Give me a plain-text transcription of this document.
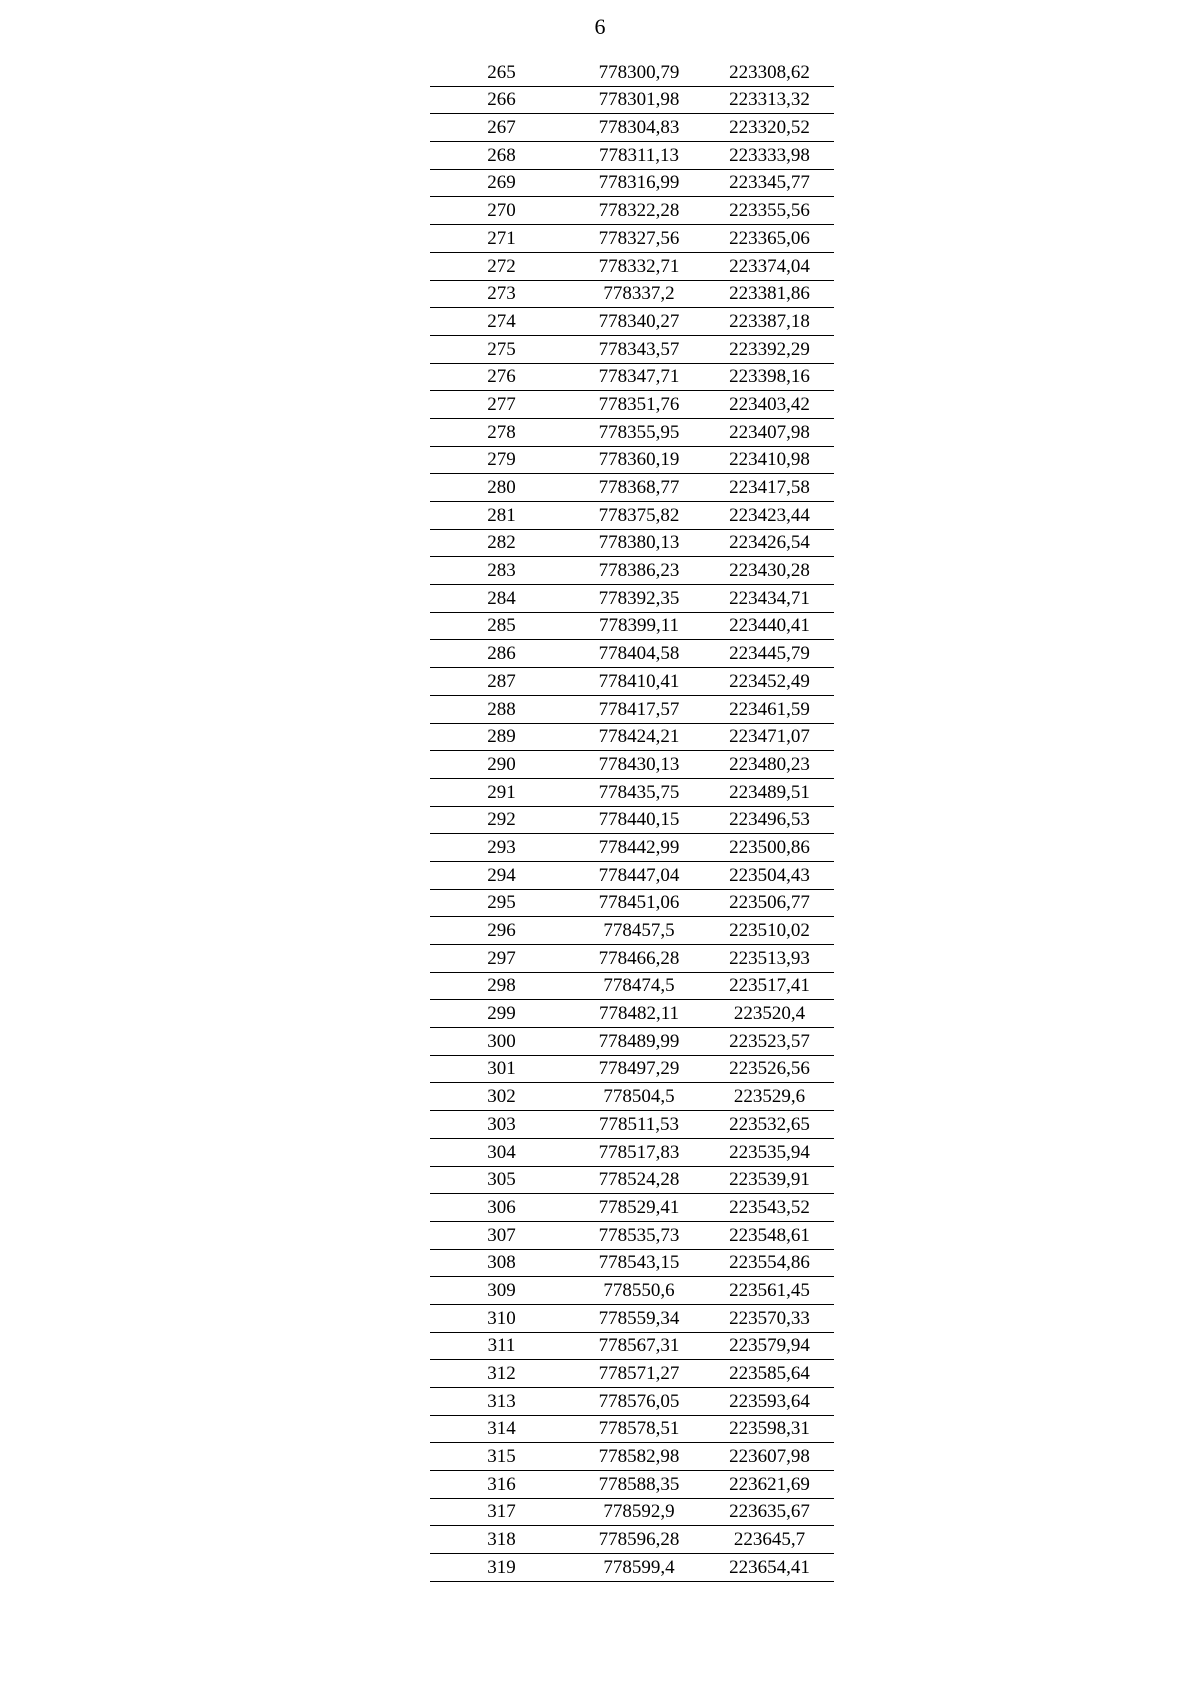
6
265	778300,79	223308,62
266	778301,98	223313,32
267	778304,83	223320,52
268	778311,13	223333,98
269	778316,99	223345,77
270	778322,28	223355,56
271	778327,56	223365,06
272	778332,71	223374,04
273	778337,2	223381,86
274	778340,27	223387,18
275	778343,57	223392,29
276	778347,71	223398,16
277	778351,76	223403,42
278	778355,95	223407,98
279	778360,19	223410,98
280	778368,77	223417,58
281	778375,82	223423,44
282	778380,13	223426,54
283	778386,23	223430,28
284	778392,35	223434,71
285	778399,11	223440,41
286	778404,58	223445,79
287	778410,41	223452,49
288	778417,57	223461,59
289	778424,21	223471,07
290	778430,13	223480,23
291	778435,75	223489,51
292	778440,15	223496,53
293	778442,99	223500,86
294	778447,04	223504,43
295	778451,06	223506,77
296	778457,5	223510,02
297	778466,28	223513,93
298	778474,5	223517,41
299	778482,11	223520,4
300	778489,99	223523,57
301	778497,29	223526,56
302	778504,5	223529,6
303	778511,53	223532,65
304	778517,83	223535,94
305	778524,28	223539,91
306	778529,41	223543,52
307	778535,73	223548,61
308	778543,15	223554,86
309	778550,6	223561,45
310	778559,34	223570,33
311	778567,31	223579,94
312	778571,27	223585,64
313	778576,05	223593,64
314	778578,51	223598,31
315	778582,98	223607,98
316	778588,35	223621,69
317	778592,9	223635,67
318	778596,28	223645,7
319	778599,4	223654,41
